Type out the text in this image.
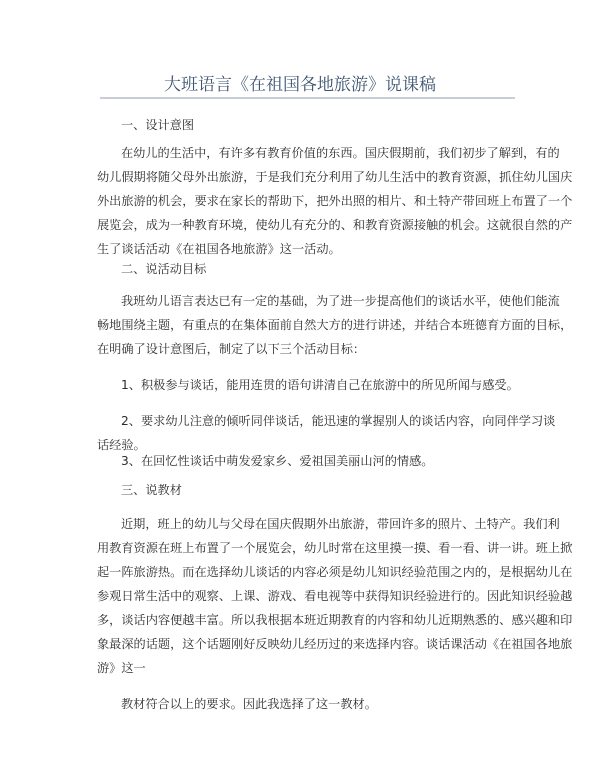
大班语言《在祖国各地旅游》说课稿
一、设计意图
在幼儿的生活中，有许多有教育价值的东西。国庆假期前，我们初步了解到，有的
幼儿假期将随父母外出旅游，于是我们充分利用了幼儿生活中的教育资源，抓住幼儿国庆
外出旅游的机会，要求在家长的帮助下，把外出照的相片、和土特产带回班上布置了一个
展览会，成为一种教育环境，使幼儿有充分的、和教育资源接触的机会。这就很自然的产
生了谈话活动《在祖国各地旅游》这一活动。
二、说活动目标
我班幼儿语言表达已有一定的基础，为了进一步提高他们的谈话水平，使他们能流
畅地围绕主题，有重点的在集体面前自然大方的进行讲述，并结合本班德育方面的目标，
在明确了设计意图后，制定了以下三个活动目标：
1、积极参与谈话，能用连贯的语句讲清自己在旅游中的所见所闻与感受。
2、要求幼儿注意的倾听同伴谈话，能迅速的掌握别人的谈话内容，向同伴学习谈
话经验。
3、在回忆性谈话中萌发爱家乡、爱祖国美丽山河的情感。
三、说教材
近期，班上的幼儿与父母在国庆假期外出旅游，带回许多的照片、土特产。我们利
用教育资源在班上布置了一个展览会，幼儿时常在这里摸一摸、看一看、讲一讲。班上掀
起一阵旅游热。而在选择幼儿谈话的内容必须是幼儿知识经验范围之内的，是根据幼儿在
参观日常生活中的观察、上课、游戏、看电视等中获得知识经验进行的。因此知识经验越
多，谈话内容便越丰富。所以我根据本班近期教育的内容和幼儿近期熟悉的、感兴趣和印
象最深的话题，这个话题刚好反映幼儿经历过的来选择内容。谈话课活动《在祖国各地旅
游》这一
教材符合以上的要求。因此我选择了这一教材。
